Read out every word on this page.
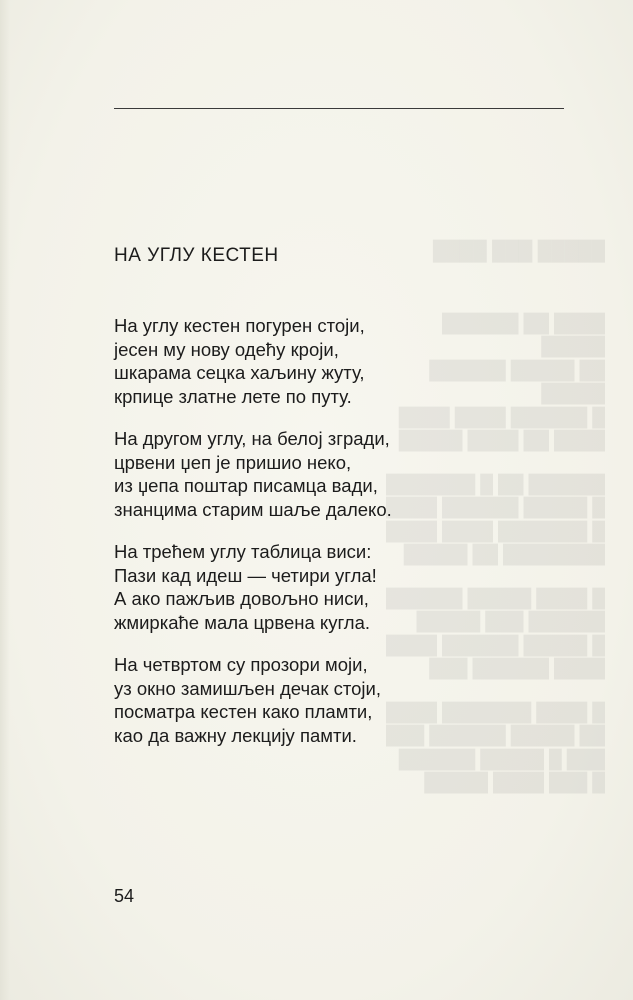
█████ ███ ████
████ ██ ██████ █████
██ █████ ██████ █████
█ ██████ ████ ████
████ ██ ████ █████
██████ ██ █ ███████
█ █████ ██████ ████
█ ███████ ████ ████
████████ ██ █████
█ ████ █████ ██████
██████ ███ █████
█ █████ ██████ ████
████ ██████ ███
█ ████ ███████ ████
██ █████ ██████ ███
███ █ █████ ██████
█ ███ ████ █████
НА УГЛУ КЕСТЕН
На углу кестен погурен стоји,
јесен му нову одећу кроји,
шкарама сецка хаљину жуту,
крпице златне лете по путу.
На другом углу, на белој згради,
црвени џеп је пришио неко,
из џепа поштар писамца вади,
знанцима старим шаље далеко.
На трећем углу таблица виси:
Пази кад идеш — четири угла!
А ако пажљив довољно ниси,
жмиркаће мала црвена кугла.
На четвртом су прозори моји,
уз окно замишљен дечак стоји,
посматра кестен како пламти,
као да важну лекцију памти.
54
